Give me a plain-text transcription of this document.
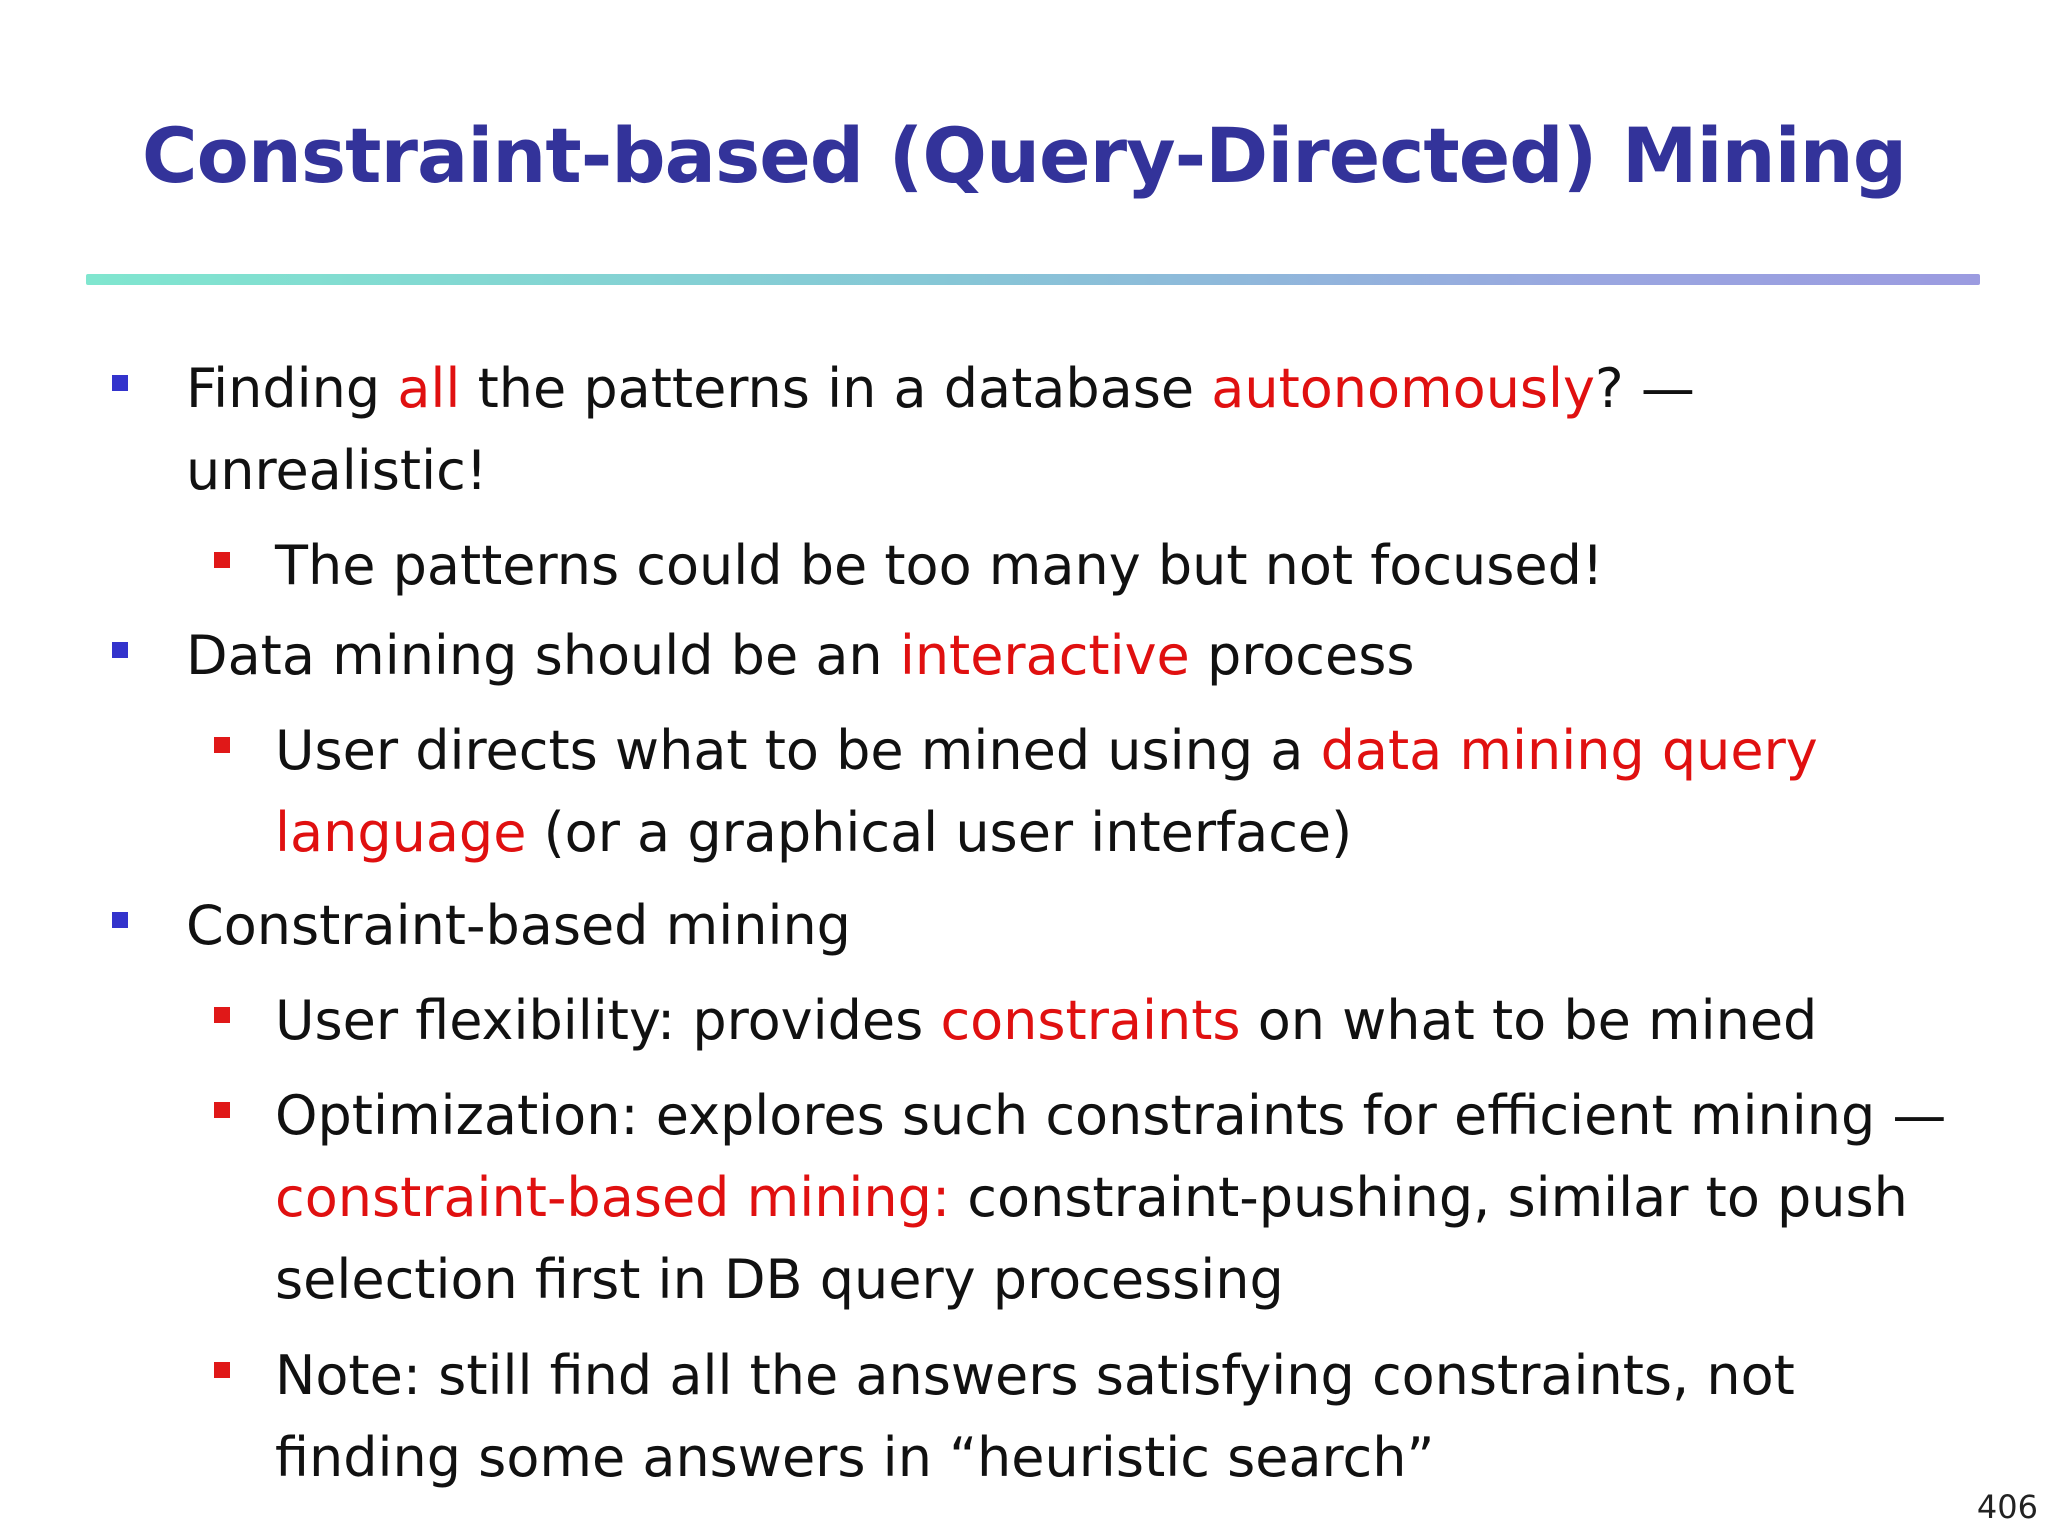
Constraint-based (Query-Directed) Mining
Finding all the patterns in a database autonomously? — unrealistic!
The patterns could be too many but not focused!
Data mining should be an interactive process
User directs what to be mined using a data mining query language (or a graphical user interface)
Constraint-based mining
User flexibility: provides constraints on what to be mined
Optimization: explores such constraints for efficient mining — constraint-based mining: constraint-pushing, similar to push selection first in DB query processing
Note: still find all the answers satisfying constraints, not finding some answers in “heuristic search”
406
